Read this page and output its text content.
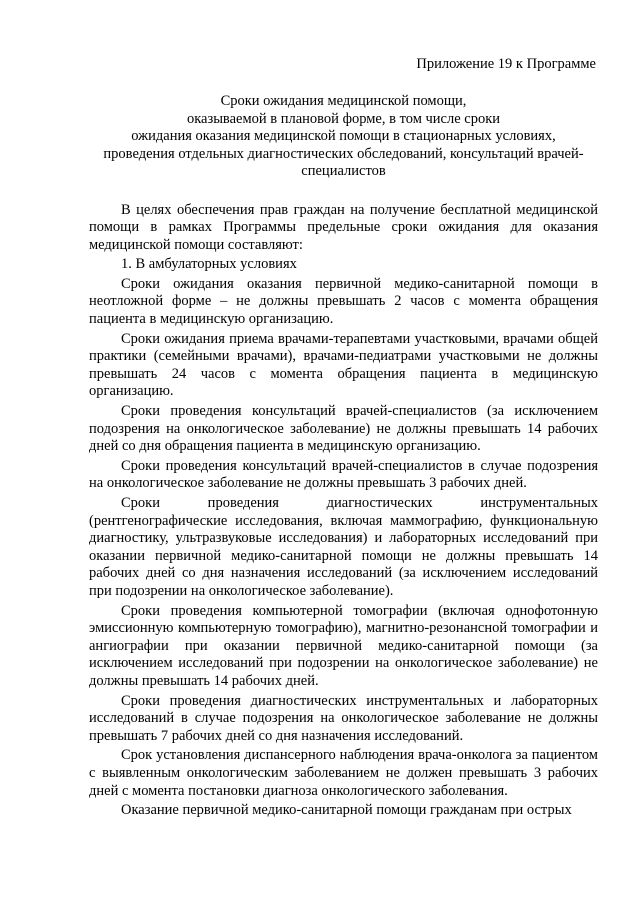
Приложение 19 к Программе
Сроки ожидания медицинской помощи,
оказываемой в плановой форме, в том числе сроки
ожидания оказания медицинской помощи в стационарных условиях,
проведения отдельных диагностических обследований, консультаций врачей-
специалистов

В целях обеспечения прав граждан на получение бесплатной медицинской помощи в рамках Программы предельные сроки ожидания для оказания медицинской помощи составляют:

1. В амбулаторных условиях

Сроки ожидания оказания первичной медико-санитарной помощи в неотложной форме – не должны превышать 2 часов с момента обращения пациента в медицинскую организацию.

Сроки ожидания приема врачами-терапевтами участковыми, врачами общей практики (семейными врачами), врачами-педиатрами участковыми не должны превышать 24 часов с момента обращения пациента в медицинскую организацию.

Сроки проведения консультаций врачей-специалистов (за исключением подозрения на онкологическое заболевание) не должны превышать 14 рабочих дней со дня обращения пациента в медицинскую организацию.

Сроки проведения консультаций врачей-специалистов в случае подозрения на онкологическое заболевание не должны превышать 3 рабочих дней.

Сроки проведения диагностических инструментальных (рентгенографические исследования, включая маммографию, функциональную диагностику, ультразвуковые исследования) и лабораторных исследований при оказании первичной медико-санитарной помощи не должны превышать 14 рабочих дней со дня назначения исследований (за исключением исследований при подозрении на онкологическое заболевание).

Сроки проведения компьютерной томографии (включая однофотонную эмиссионную компьютерную томографию), магнитно-резонансной томографии и ангиографии при оказании первичной медико-санитарной помощи (за исключением исследований при подозрении на онкологическое заболевание) не должны превышать 14 рабочих дней.

Сроки проведения диагностических инструментальных и лабораторных исследований в случае подозрения на онкологическое заболевание не должны превышать 7 рабочих дней со дня назначения исследований.

Срок установления диспансерного наблюдения врача-онколога за пациентом с выявленным онкологическим заболеванием не должен превышать 3 рабочих дней с момента постановки диагноза онкологического заболевания.

Оказание первичной медико-санитарной помощи гражданам при острых
